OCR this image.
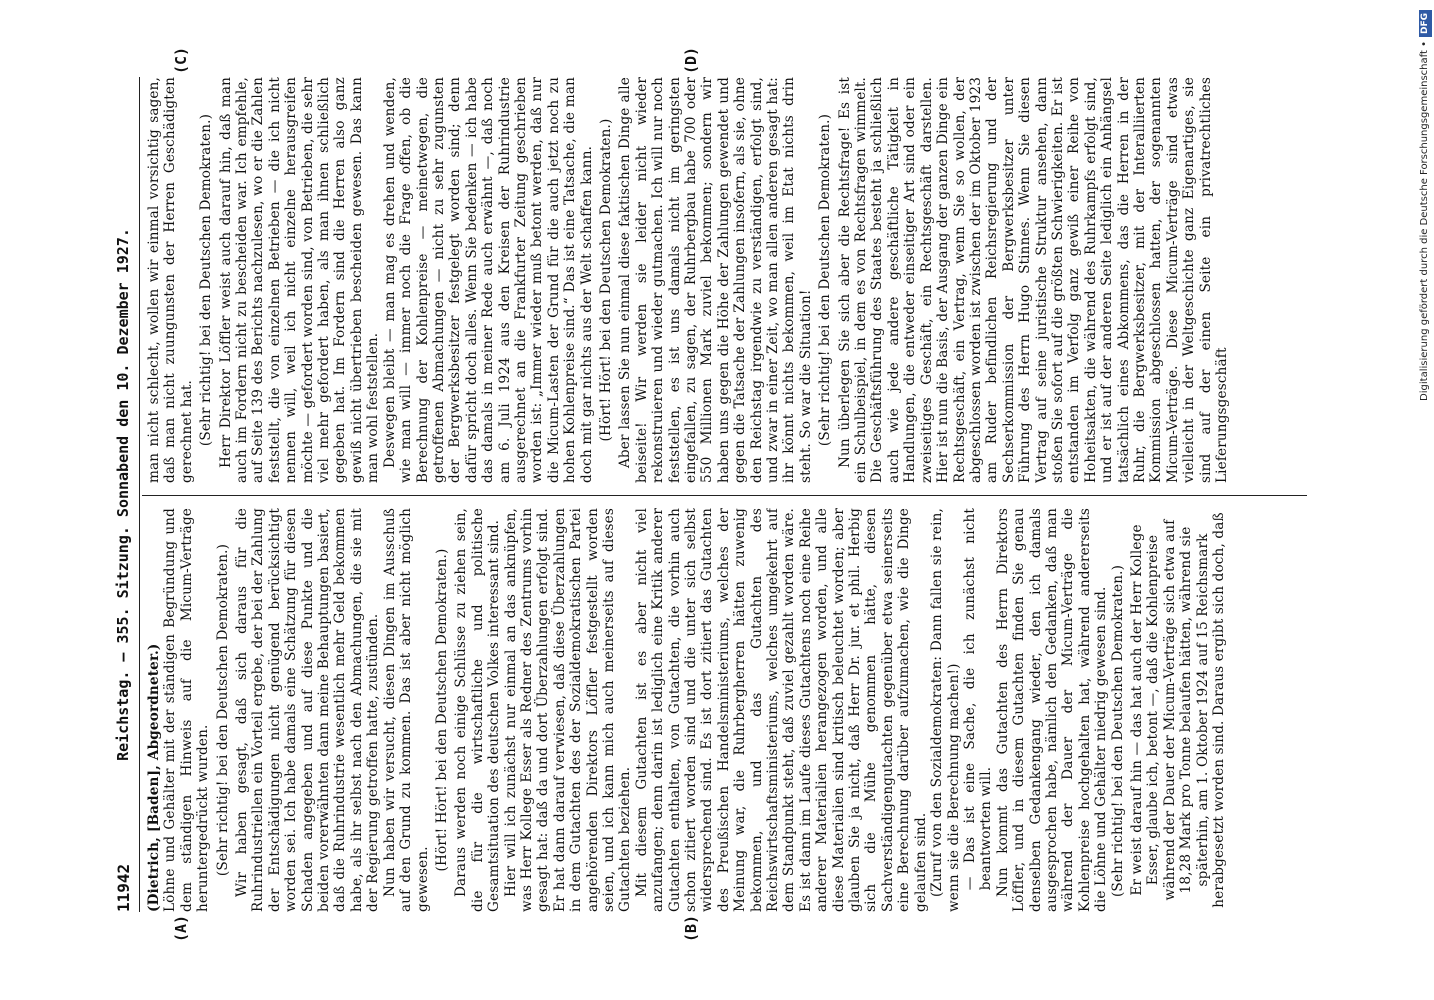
11942
Reichstag. — 355. Sitzung. Sonnabend den 10. Dezember 1927.
(A)	(B)
(C)	(D)

(Dietrich, [Baden], Abgeordneter.) Löhne und Gehälter mit der ständigen Begründung und dem ständigen Hinweis auf die Micum-Verträge heruntergedrückt wurden. (Sehr richtig! bei den Deutschen Demokraten.) Wir haben gesagt, daß sich daraus für die Ruhrindustriellen ein Vorteil ergebe, der bei der Zahlung der Entschädigungen nicht genügend berücksichtigt worden sei. Ich habe damals eine Schätzung für diesen Schaden angegeben und auf diese Punkte und die beiden vorerwähnten dann meine Behauptungen basiert, daß die Ruhrindustrie wesentlich mehr Geld bekommen habe, als ihr selbst nach den Abmachungen, die sie mit der Regierung getroffen hatte, zustünden. Nun haben wir versucht, diesen Dingen im Ausschuß auf den Grund zu kommen. Das ist aber nicht möglich gewesen.

(Hört! Hört! bei den Deutschen Demokraten.) Daraus werden noch einige Schlüsse zu ziehen sein, die für die wirtschaftliche und politische Gesamtsituation des deutschen Volkes interessant sind. Hier will ich zunächst nur einmal an das anknüpfen, was Herr Kollege Esser als Redner des Zentrums vorhin gesagt hat: daß da und dort Überzahlungen erfolgt sind. Er hat dann darauf verwiesen, daß diese Überzahlungen in dem Gutachten des der Sozialdemokratischen Partei angehörenden Direktors Löffler festgestellt worden seien, und ich kann mich auch meinerseits auf dieses Gutachten beziehen. Mit diesem Gutachten ist es aber nicht viel anzufangen; denn darin ist lediglich eine Kritik anderer Gutachten enthalten, von Gutachten, die vorhin auch schon zitiert worden sind und die unter sich selbst widersprechend sind. Es ist dort zitiert das Gutachten des Preußischen Handelsministeriums, welches der Meinung war, die Ruhrbergherren hätten zuwenig bekommen, und das Gutachten des Reichswirtschaftsministeriums, welches umgekehrt auf dem Standpunkt steht, daß zuviel gezahlt worden wäre. Es ist dann im Laufe dieses Gutachtens noch eine Reihe anderer Materialien herangezogen worden, und alle diese Materialien sind kritisch beleuchtet worden; aber glauben Sie ja nicht, daß Herr Dr. jur. et phil. Herbig sich die Mühe genommen hätte, diesen Sachverständigengutachten gegenüber etwa seinerseits eine Berechnung darüber aufzumachen, wie die Dinge gelaufen sind. (Zuruf von den Sozialdemokraten: Dann fallen sie rein, wenn sie die Berechnung machen!) — Das ist eine Sache, die ich zunächst nicht beantworten will. Nun kommt das Gutachten des Herrn Direktors Löffler, und in diesem Gutachten finden Sie genau denselben Gedankengang wieder, den ich damals ausgesprochen habe, nämlich den Gedanken, daß man während der Dauer der Micum-Verträge die Kohlenpreise hochgehalten hat, während andererseits die Löhne und Gehälter niedrig gewesen sind. (Sehr richtig! bei den Deutschen Demokraten.) Er weist darauf hin — das hat auch der Herr Kollege Esser, glaube ich, betont —, daß die Kohlenpreise während der Dauer der Micum-Verträge sich etwa auf 18,28 Mark pro Tonne belaufen hätten, während sie späterhin, am 1. Oktober 1924 auf 15 Reichsmark herabgesetzt worden sind. Daraus ergibt sich doch, daß

man nicht schlecht, wollen wir einmal vorsichtig sagen, daß man nicht zuungunsten der Herren Geschädigten gerechnet hat. (Sehr richtig! bei den Deutschen Demokraten.) Herr Direktor Löffler weist auch darauf hin, daß man auch im Fordern nicht zu bescheiden war. Ich empfehle, auf Seite 139 des Berichts nachzulesen, wo er die Zahlen feststellt, die von einzelnen Betrieben — die ich nicht nennen will, weil ich nicht einzelne herausgreifen möchte — gefordert worden sind, von Betrieben, die sehr viel mehr gefordert haben, als man ihnen schließlich gegeben hat. Im Fordern sind die Herren also ganz gewiß nicht übertrieben bescheiden gewesen. Das kann man wohl feststellen. Deswegen bleibt — man mag es drehen und wenden, wie man will — immer noch die Frage offen, ob die Berechnung der Kohlenpreise — meinetwegen, die getroffenen Abmachungen — nicht zu sehr zugunsten der Bergwerksbesitzer festgelegt worden sind; denn dafür spricht doch alles. Wenn Sie bedenken — ich habe das damals in meiner Rede auch erwähnt —, daß noch am 6. Juli 1924 aus den Kreisen der Ruhrindustrie ausgerechnet an die Frankfurter Zeitung geschrieben worden ist: „Immer wieder muß betont werden, daß nur die Micum-Lasten der Grund für die auch jetzt noch zu hohen Kohlenpreise sind.“ Das ist eine Tatsache, die man doch mit gar nichts aus der Welt schaffen kann. (Hört! Hört! bei den Deutschen Demokraten.) Aber lassen Sie nun einmal diese faktischen Dinge alle beiseite! Wir werden sie leider nicht wieder rekonstruieren und wieder gutmachen. Ich will nur noch feststellen, es ist uns damals nicht im geringsten eingefallen, zu sagen, der Ruhrbergbau habe 700 oder 550 Millionen Mark zuviel bekommen; sondern wir haben uns gegen die Höhe der Zahlungen gewendet und gegen die Tatsache der Zahlungen insofern, als sie, ohne den Reichstag irgendwie zu verständigen, erfolgt sind, und zwar in einer Zeit, wo man allen anderen gesagt hat: ihr könnt nichts bekommen, weil im Etat nichts drin steht. So war die Situation! (Sehr richtig! bei den Deutschen Demokraten.) Nun überlegen Sie sich aber die Rechtsfrage! Es ist ein Schulbeispiel, in dem es von Rechtsfragen wimmelt. Die Geschäftsführung des Staates besteht ja schließlich auch wie jede andere geschäftliche Tätigkeit in Handlungen, die entweder einseitiger Art sind oder ein zweiseitiges Geschäft, ein Rechtsgeschäft darstellen. Hier ist nun die Basis, der Ausgang der ganzen Dinge ein Rechtsgeschäft, ein Vertrag, wenn Sie so wollen, der abgeschlossen worden ist zwischen der im Oktober 1923 am Ruder befindlichen Reichsregierung und der Sechserkommission der Bergwerksbesitzer unter Führung des Herrn Hugo Stinnes. Wenn Sie diesen Vertrag auf seine juristische Struktur ansehen, dann stoßen Sie sofort auf die größten Schwierigkeiten. Er ist entstanden im Verfolg ganz gewiß einer Reihe von Hoheitsakten, die während des Ruhrkampfs erfolgt sind, und er ist auf der anderen Seite lediglich ein Anhängsel tatsächlich eines Abkommens, das die Herren in der Ruhr, die Bergwerksbesitzer, mit der Interalliierten Kommission abgeschlossen hatten, der sogenannten Micum-Verträge. Diese Micum-Verträge sind etwas vielleicht in der Weltgeschichte ganz Eigenartiges, sie sind auf der einen Seite ein privatrechtliches Lieferungsgeschäft

Digitalisierung gefördert durch die Deutsche Forschungsgemeinschaft •DFG
